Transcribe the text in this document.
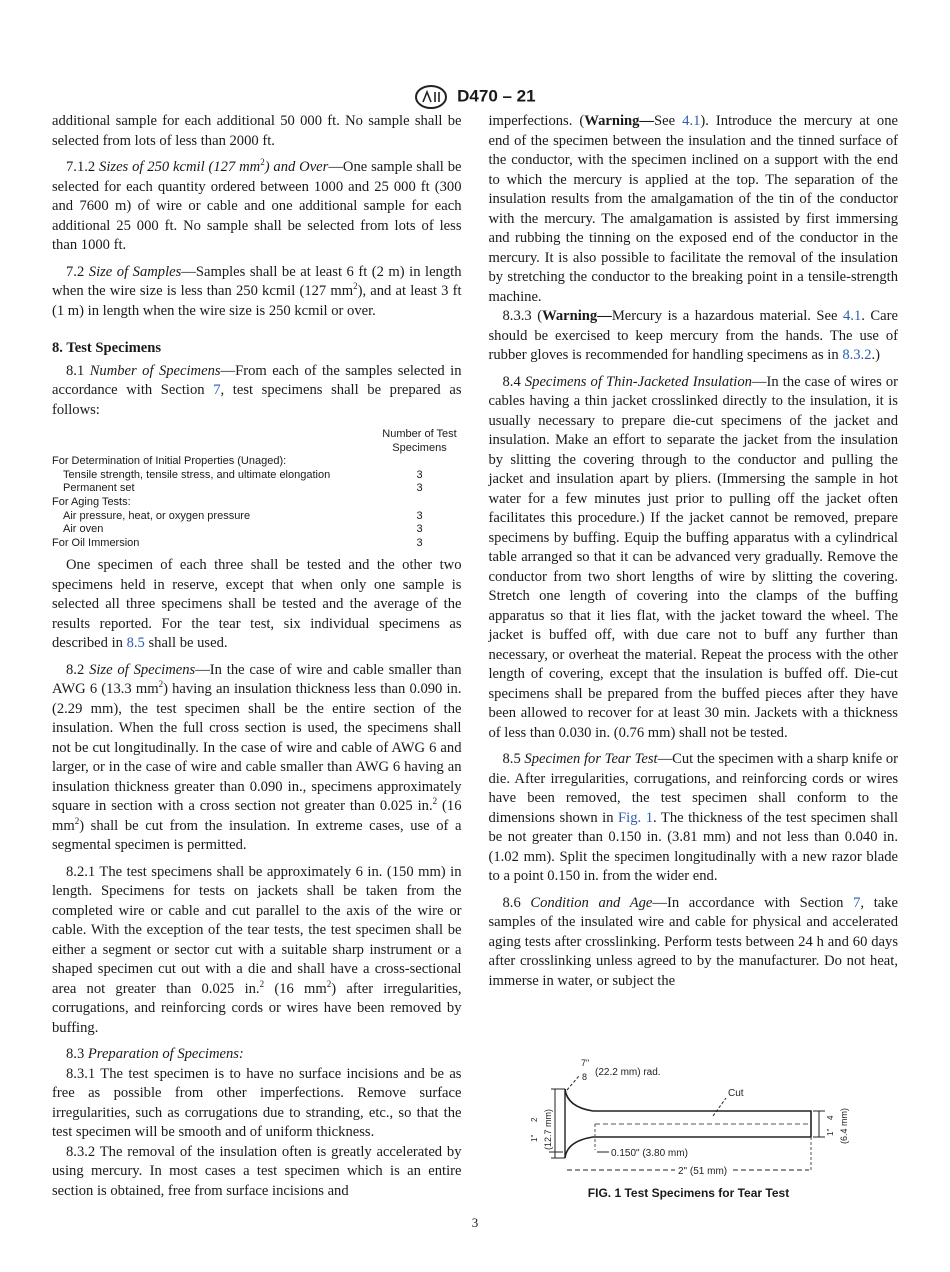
D470 – 21

additional sample for each additional 50 000 ft. No sample shall be selected from lots of less than 2000 ft.

7.1.2 Sizes of 250 kcmil (127 $mm^2$) and Over—One sample shall be selected for each quantity ordered between 1000 and 25 000 ft (300 and 7600 m) of wire or cable and one additional sample for each additional 25 000 ft. No sample shall be selected from lots of less than 1000 ft.

7.2 Size of Samples—Samples shall be at least 6 ft (2 m) in length when the wire size is less than 250 kcmil (127 $mm^2$), and at least 3 ft (1 m) in length when the wire size is 250 kcmil or over.

8. Test Specimens

8.1 Number of Specimens—From each of the samples selected in accordance with Section 7, test specimens shall be prepared as follows:

Number of Test Specimens
For Determination of Initial Properties (Unaged):
Tensile strength, tensile stress, and ultimate elongation	3
Permanent set	3
For Aging Tests:
Air pressure, heat, or oxygen pressure	3
Air oven	3
For Oil Immersion	3

One specimen of each three shall be tested and the other two specimens held in reserve, except that when only one sample is selected all three specimens shall be tested and the average of the results reported. For the tear test, six individual specimens as described in 8.5 shall be used.

8.2 Size of Specimens—In the case of wire and cable smaller than AWG 6 (13.3 $mm^2$) having an insulation thickness less than 0.090 in. (2.29 mm), the test specimen shall be the entire section of the insulation. When the full cross section is used, the specimens shall not be cut longitudinally. In the case of wire and cable of AWG 6 and larger, or in the case of wire and cable smaller than AWG 6 having an insulation thickness greater than 0.090 in., specimens approximately square in section with a cross section not greater than 0.025 in.$^2$ (16 $mm^2$) shall be cut from the insulation. In extreme cases, use of a segmental specimen is permitted.

8.2.1 The test specimens shall be approximately 6 in. (150 mm) in length. Specimens for tests on jackets shall be taken from the completed wire or cable and cut parallel to the axis of the wire or cable. With the exception of the tear tests, the test specimen shall be either a segment or sector cut with a suitable sharp instrument or a shaped specimen cut out with a die and shall have a cross-sectional area not greater than 0.025 in.$^2$ (16 $mm^2$) after irregularities, corrugations, and reinforcing cords or wires have been removed by buffing.

8.3 Preparation of Specimens:

8.3.1 The test specimen is to have no surface incisions and be as free as possible from other imperfections. Remove surface irregularities, such as corrugations due to stranding, etc., so that the test specimen will be smooth and of uniform thickness.

8.3.2 The removal of the insulation often is greatly accelerated by using mercury. In most cases a test specimen which is an entire section is obtained, free from surface incisions and

imperfections. (Warning—See 4.1). Introduce the mercury at one end of the specimen between the insulation and the tinned surface of the conductor, with the specimen inclined on a support with the end to which the mercury is applied at the top. The separation of the insulation results from the amalgamation of the tin of the conductor with the mercury. The amalgamation is assisted by first immersing and rubbing the tinning on the exposed end of the conductor in the mercury. It is also possible to facilitate the removal of the insulation by stretching the conductor to the breaking point in a tensile-strength machine.

8.3.3 (Warning—Mercury is a hazardous material. See 4.1. Care should be exercised to keep mercury from the hands. The use of rubber gloves is recommended for handling specimens as in 8.3.2.)

8.4 Specimens of Thin-Jacketed Insulation—In the case of wires or cables having a thin jacket crosslinked directly to the insulation, it is usually necessary to prepare die-cut specimens of the jacket and insulation. Make an effort to separate the jacket from the insulation by slitting the covering through to the conductor and pulling the jacket and insulation apart by pliers. (Immersing the sample in hot water for a few minutes just prior to pulling off the jacket often facilitates this procedure.) If the jacket cannot be removed, prepare specimens by buffing. Equip the buffing apparatus with a cylindrical table arranged so that it can be advanced very gradually. Remove the conductor from two short lengths of wire by slitting the covering. Stretch one length of covering into the clamps of the buffing apparatus so that it lies flat, with the jacket toward the wheel. The jacket is buffed off, with due care not to buff any further than necessary, or overheat the material. Repeat the process with the other length of covering, except that the insulation is buffed off. Die-cut specimens shall be prepared from the buffed pieces after they have been allowed to recover for at least 30 min. Jackets with a thickness of less than 0.030 in. (0.76 mm) shall not be tested.

8.5 Specimen for Tear Test—Cut the specimen with a sharp knife or die. After irregularities, corrugations, and reinforcing cords or wires have been removed, the test specimen shall conform to the dimensions shown in Fig. 1. The thickness of the test specimen shall be not greater than 0.150 in. (3.81 mm) and not less than 0.040 in. (1.02 mm). Split the specimen longitudinally with a new razor blade to a point 0.150 in. from the wider end.

8.6 Condition and Age—In accordance with Section 7, take samples of the insulated wire and cable for physical and accelerated aging tests after crosslinking. Perform tests between 24 h and 60 days after crosslinking unless agreed to by the manufacturer. Do not heat, immerse in water, or subject the

7"
8 (22.2 mm) rad.
Cut
1"
2 (12.7 mm)	1"
4 (6.4 mm)
0.150" (3.80 mm)
2" (51 mm)
FIG. 1 Test Specimens for Tear Test
3
